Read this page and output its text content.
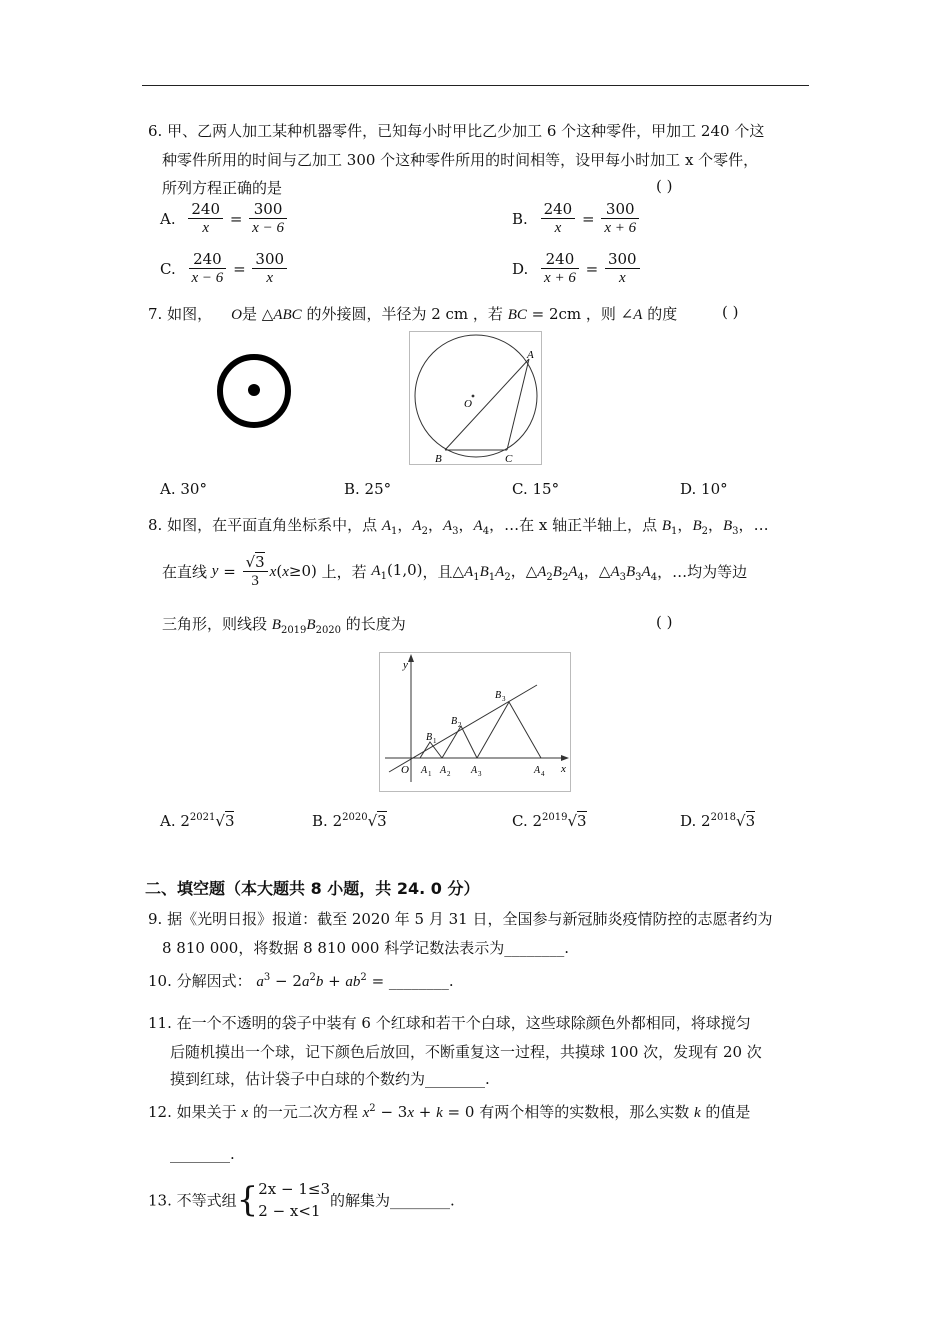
6. 甲、乙两人加工某种机器零件，已知每小时甲比乙少加工 6 个这种零件，甲加工 240 个这
种零件所用的时间与乙加工 300 个这种零件所用的时间相等，设甲每小时加工 x 个零件，
所列方程正确的是	( )
A. $\frac{240}{x} = \frac{300}{x - 6}$	B. $\frac{240}{x} = \frac{300}{x + 6}$
C. $\frac{240}{x - 6} = \frac{300}{x}$	D. $\frac{240}{x + 6} = \frac{300}{x}$
7. 如图， O是 △ABC 的外接圆，半径为 2 cm ，若 BC = 2cm ，则 ∠A 的度	( )
A
O
B	C
A. 30°	B. 25°	C. 15°	D. 10°
8. 如图，在平面直角坐标系中，点 $A_1$，$A_2$，$A_3$，$A_4$，…在 x 轴正半轴上，点 $B_1$，$B_2$，$B_3$，…
在直线 $y = \frac{√3}{3} x(x\ge 0)$ 上，若 $A_1(1,0)$，且$\triangle A_1B_1A_2$，$\triangle A_2B_2A_4$，$\triangle A_3B_3A_4$，…均为等边
三角形，则线段 $B_{2019}B_{2020}$ 的长度为	( )
y
x
O A 1 A 2 A 3	A 4
B 1
B 2
B 3
A. $2^{2021}√3$	B. $2^{2020}√3$	C. $2^{2019}√3$	D. $2^{2018}√3$
二、填空题（本大题共 8 小题，共 24. 0 分）
9. 据《光明日报》报道：截至 2020 年 5 月 31 日，全国参与新冠肺炎疫情防控的志愿者约为
8 810 000，将数据 8 810 000 科学记数法表示为________.
10. 分解因式： $a^3 - 2a^2b + ab^2$ = ________.
11. 在一个不透明的袋子中装有 6 个红球和若干个白球，这些球除颜色外都相同，将球搅匀
后随机摸出一个球，记下颜色后放回，不断重复这一过程，共摸球 100 次，发现有 20 次
摸到红球，估计袋子中白球的个数约为________.
12. 如果关于 x 的一元二次方程 $x^2 - 3x + k = 0$ 有两个相等的实数根，那么实数 k 的值是
________.
13. 不等式组{ 2x − 1≤3
2 − x<1
的解集为________.
